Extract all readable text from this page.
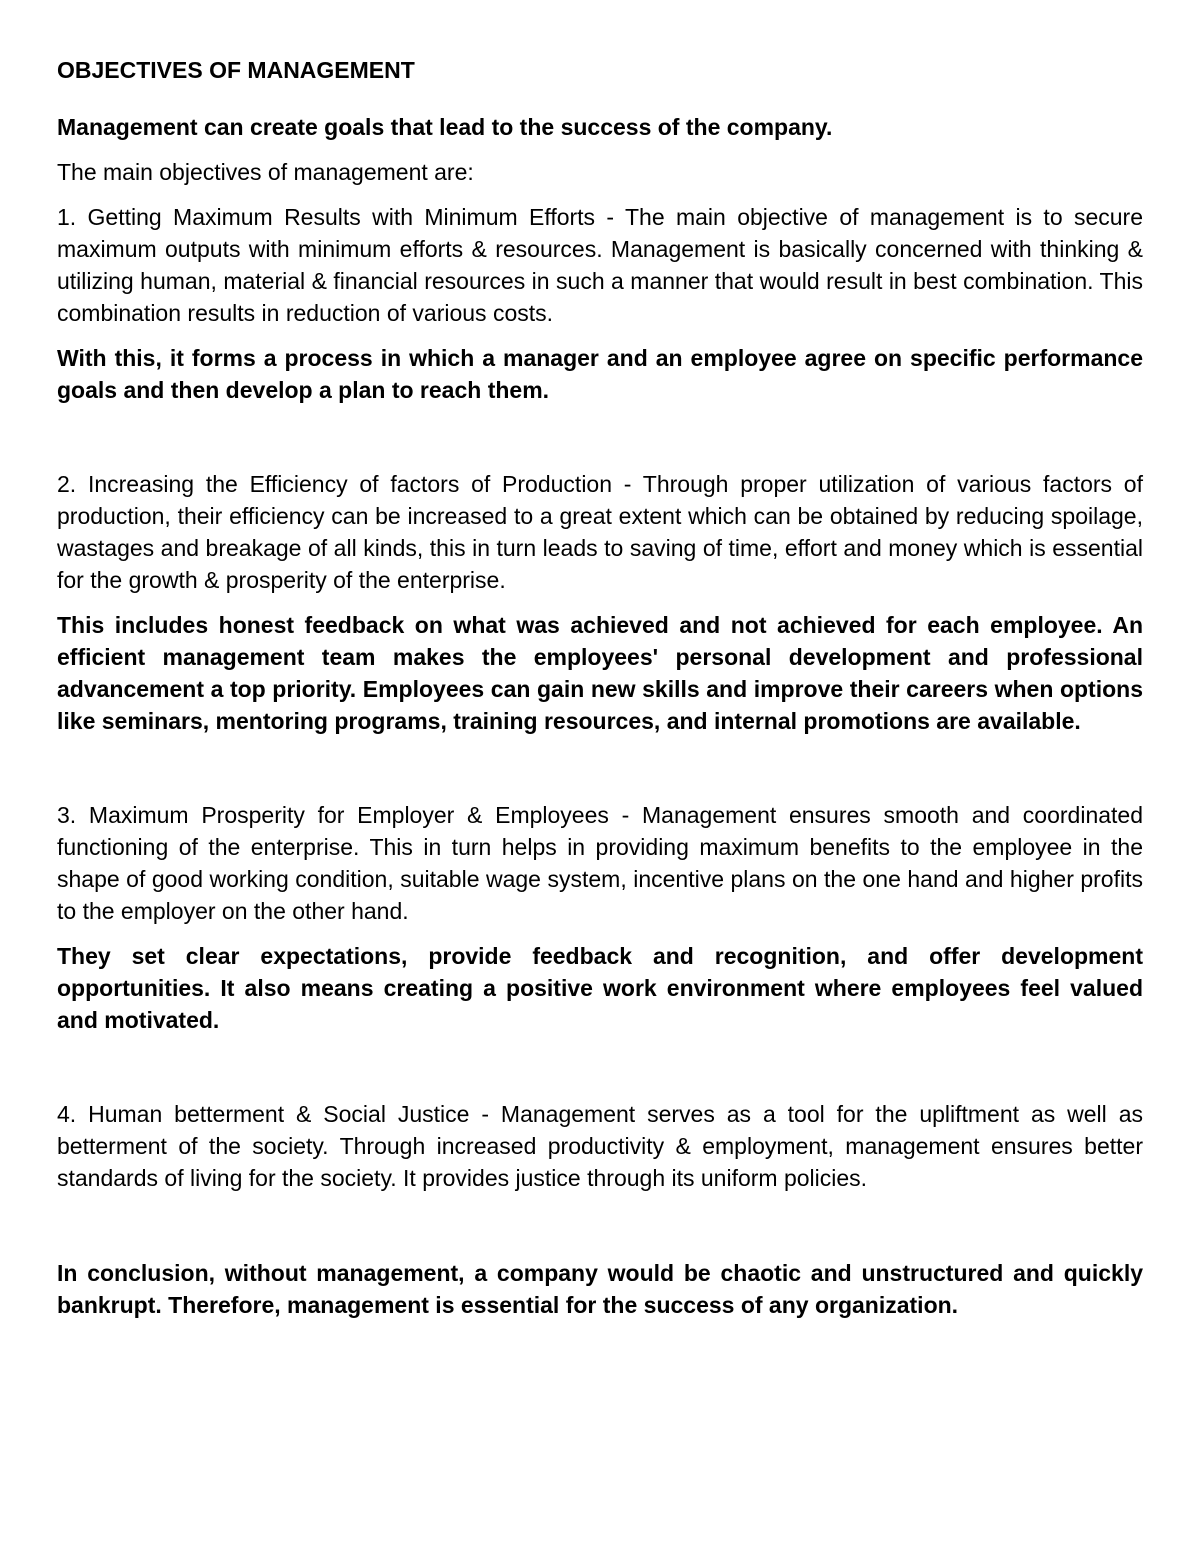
OBJECTIVES OF MANAGEMENT
Management can create goals that lead to the success of the company.
The main objectives of management are:

1. Getting Maximum Results with Minimum Efforts - The main objective of management is to secure maximum outputs with minimum efforts & resources. Management is basically concerned with thinking & utilizing human, material & financial resources in such a manner that would result in best combination. This combination results in reduction of various costs.

With this, it forms a process in which a manager and an employee agree on specific performance goals and then develop a plan to reach them.

2. Increasing the Efficiency of factors of Production - Through proper utilization of various factors of production, their efficiency can be increased to a great extent which can be obtained by reducing spoilage, wastages and breakage of all kinds, this in turn leads to saving of time, effort and money which is essential for the growth & prosperity of the enterprise.

This includes honest feedback on what was achieved and not achieved for each employee. An efficient management team makes the employees' personal development and professional advancement a top priority. Employees can gain new skills and improve their careers when options like seminars, mentoring programs, training resources, and internal promotions are available.

3. Maximum Prosperity for Employer & Employees - Management ensures smooth and coordinated functioning of the enterprise. This in turn helps in providing maximum benefits to the employee in the shape of good working condition, suitable wage system, incentive plans on the one hand and higher profits to the employer on the other hand.

They set clear expectations, provide feedback and recognition, and offer development opportunities. It also means creating a positive work environment where employees feel valued and motivated.

4. Human betterment & Social Justice - Management serves as a tool for the upliftment as well as betterment of the society. Through increased productivity & employment, management ensures better standards of living for the society. It provides justice through its uniform policies.

In conclusion, without management, a company would be chaotic and unstructured and quickly bankrupt. Therefore, management is essential for the success of any organization.
